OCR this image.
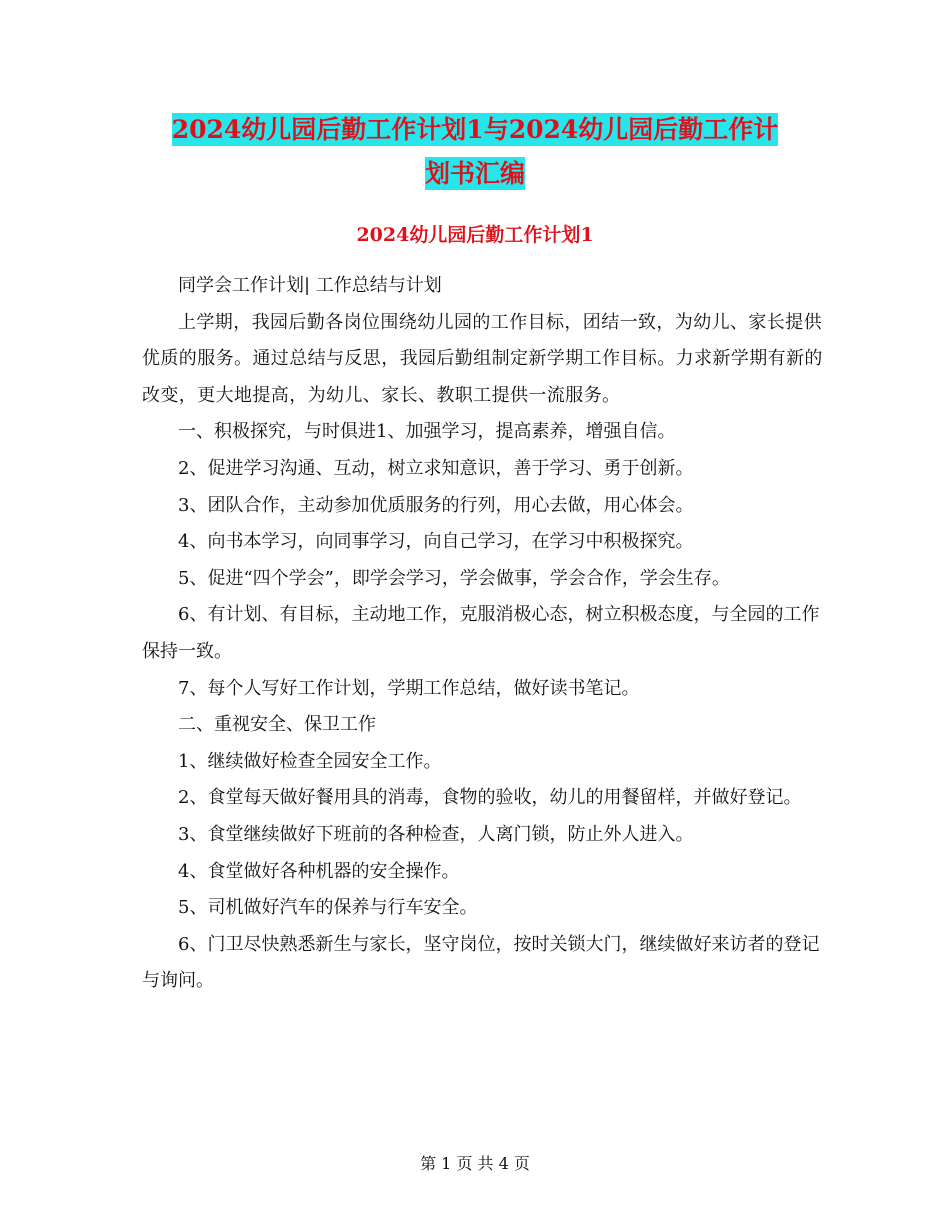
2024幼儿园后勤工作计划1与2024幼儿园后勤工作计
划书汇编
2024幼儿园后勤工作计划1

同学会工作计划| 工作总结与计划

上学期，我园后勤各岗位围绕幼儿园的工作目标，团结一致，为幼儿、家长提供优质的服务。通过总结与反思，我园后勤组制定新学期工作目标。力求新学期有新的改变，更大地提高，为幼儿、家长、教职工提供一流服务。

一、积极探究，与时俱进1、加强学习，提高素养，增强自信。

2、促进学习沟通、互动，树立求知意识，善于学习、勇于创新。

3、团队合作，主动参加优质服务的行列，用心去做，用心体会。

4、向书本学习，向同事学习，向自己学习，在学习中积极探究。

5、促进“四个学会”，即学会学习，学会做事，学会合作，学会生存。

6、有计划、有目标，主动地工作，克服消极心态，树立积极态度，与全园的工作保持一致。

7、每个人写好工作计划，学期工作总结，做好读书笔记。

二、重视安全、保卫工作

1、继续做好检查全园安全工作。

2、食堂每天做好餐用具的消毒，食物的验收，幼儿的用餐留样，并做好登记。

3、食堂继续做好下班前的各种检查，人离门锁，防止外人进入。

4、食堂做好各种机器的安全操作。

5、司机做好汽车的保养与行车安全。

6、门卫尽快熟悉新生与家长，坚守岗位，按时关锁大门，继续做好来访者的登记与询问。

第 1 页 共 4 页
